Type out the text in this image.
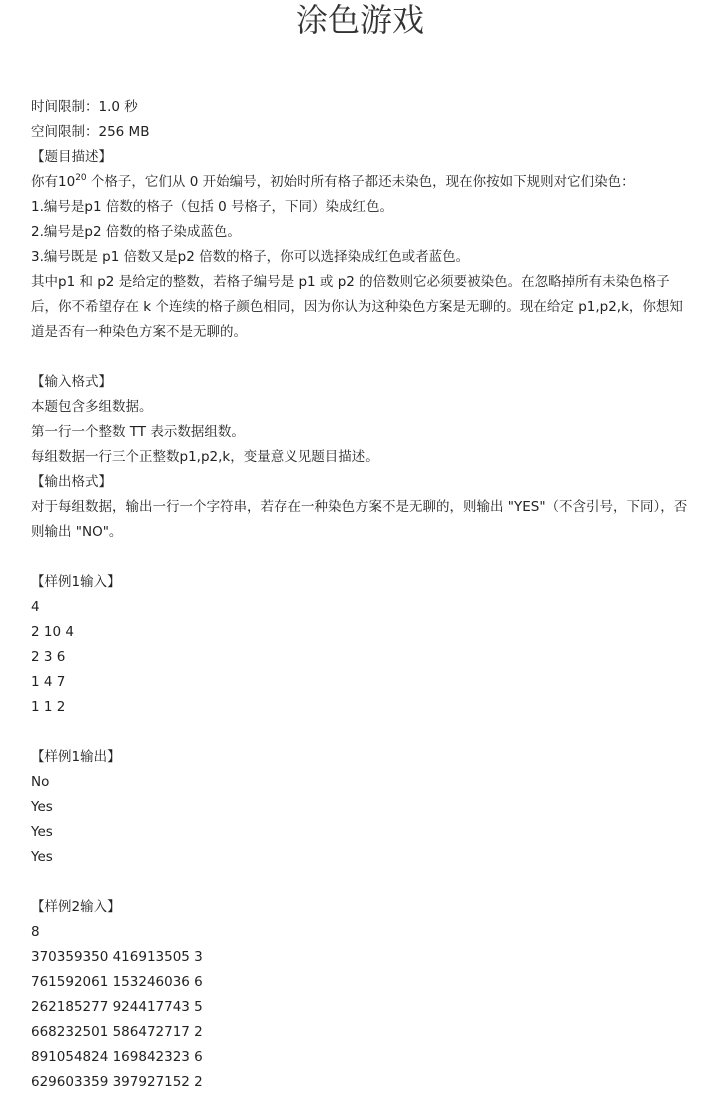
涂色游戏
时间限制：1.0 秒
空间限制：256 MB
【题目描述】
你有$10^{20}$ 个格子，它们从 0 开始编号，初始时所有格子都还未染色，现在你按如下规则对它们染色：
1.编号是p1 倍数的格子（包括 0 号格子，下同）染成红色。
2.编号是p2 倍数的格子染成蓝色。
3.编号既是 p1 倍数又是p2 倍数的格子，你可以选择染成红色或者蓝色。
其中p1 和 p2 是给定的整数，若格子编号是 p1 或 p2 的倍数则它必须要被染色。在忽略掉所有未染色格子后，你不希望存在 k 个连续的格子颜色相同，因为你认为这种染色方案是无聊的。现在给定 p1,p2,k，你想知道是否有一种染色方案不是无聊的。
【输入格式】
本题包含多组数据。
第一行一个整数 TT 表示数据组数。
每组数据一行三个正整数p1,p2,k，变量意义见题目描述。
【输出格式】
对于每组数据，输出一行一个字符串，若存在一种染色方案不是无聊的，则输出 "YES"（不含引号，下同），否则输出 "NO"。
【样例1输入】
4
2 10 4
2 3 6
1 4 7
1 1 2
【样例1输出】
No
Yes
Yes
Yes
【样例2输入】
8
370359350 416913505 3
761592061 153246036 6
262185277 924417743 5
668232501 586472717 2
891054824 169842323 6
629603359 397927152 2
